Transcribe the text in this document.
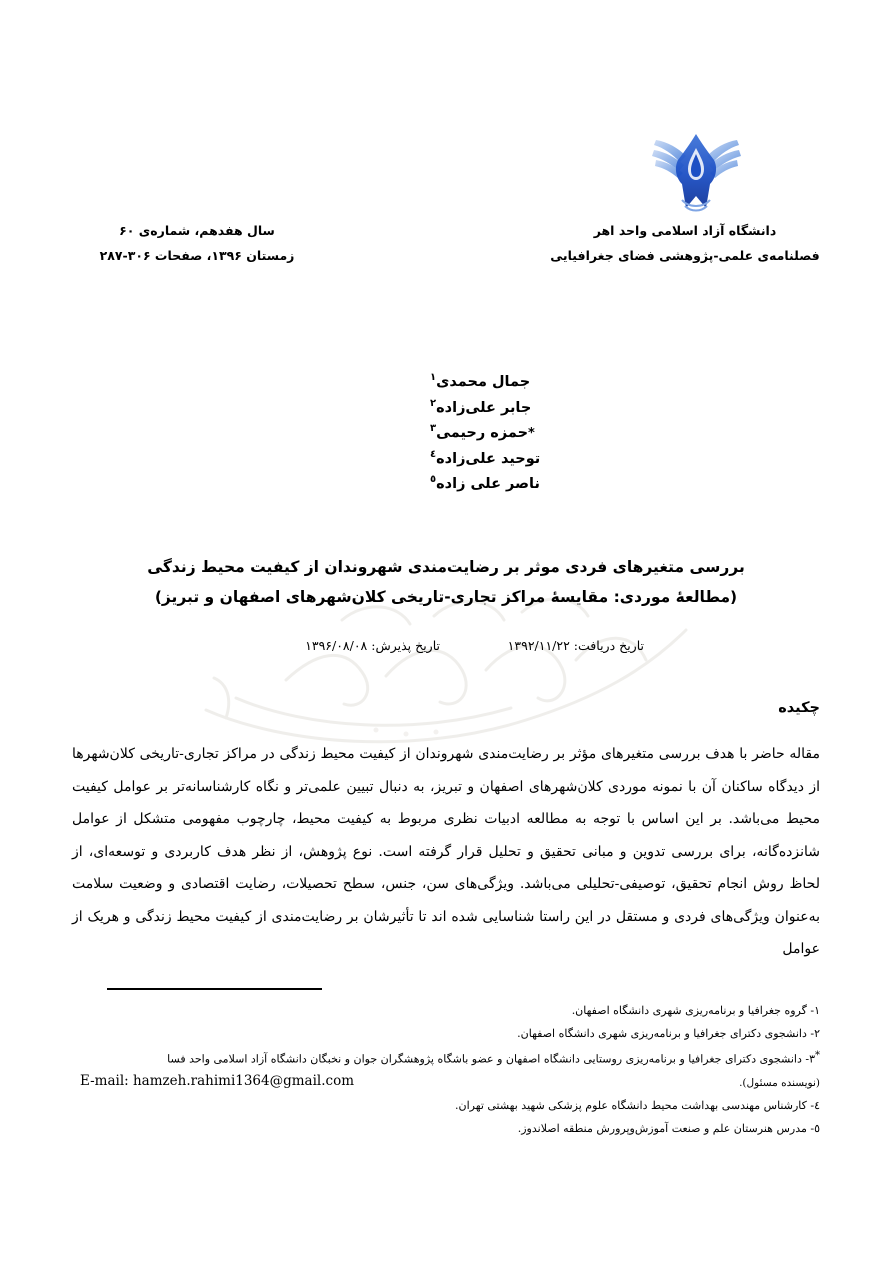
دانشگاه آزاد اسلامی واحد اهر
فصلنامه‌ی علمی-پژوهشی فضای جغرافیایی
سال هفدهم، شماره‌ی ۶۰
زمستان ۱۳۹۶، صفحات ۳۰۶-۲۸۷
جمال محمدی$^۱$
جابر علی‌زاده$^۲$
*حمزه رحیمی$^۳$
توحید علی‌زاده$^٤$
ناصر علی زاده$^٥$
بررسی متغیرهای فردی موثر بر رضایت‌مندی شهروندان از کیفیت محیط زندگی
(مطالعۀ موردی: مقایسۀ مراکز تجاری-تاریخی کلان‌شهرهای اصفهان و تبریز)
تاریخ دریافت: ۱۳۹۲/۱۱/۲۲
تاریخ پذیرش: ۱۳۹۶/۰۸/۰۸
چکیده
مقاله حاضر با هدف بررسی متغیرهای مؤثر بر رضایت‌مندی شهروندان از کیفیت محیط زندگی در مراکز تجاری-تاریخی کلان‌شهرها از دیدگاه ساکنان آن با نمونه موردی کلان‌شهرهای اصفهان و تبریز، به دنبال تبیین علمی‌تر و نگاه کارشناسانه‌تر بر عوامل کیفیت محیط می‌باشد. بر این اساس با توجه به مطالعه ادبیات نظری مربوط به کیفیت محیط، چارچوب مفهومی متشکل از عوامل شانزده‌گانه، برای بررسی تدوین و مبانی تحقیق و تحلیل قرار گرفته است. نوع پژوهش، از نظر هدف کاربردی و توسعه‌ای، از لحاظ روش انجام تحقیق، توصیفی-تحلیلی می‌باشد. ویژگی‌های سن، جنس، سطح تحصیلات، رضایت اقتصادی و وضعیت سلامت به‌عنوان ویژگی‌های فردی و مستقل در این راستا شناسایی شده اند تا تأثیرشان بر رضایت‌مندی از کیفیت محیط زندگی و هریک از عوامل
۱- گروه جغرافیا و برنامه‌ریزی شهری دانشگاه اصفهان.
۲- دانشجوی دکترای جغرافیا و برنامه‌ریزی شهری دانشگاه اصفهان.
*۳- دانشجوی دکترای جغرافیا و برنامه‌ریزی روستایی دانشگاه اصفهان و عضو باشگاه پژوهشگران جوان و نخبگان دانشگاه آزاد اسلامی واحد فسا
E-mail: hamzeh.rahimi1364@gmail.com	(نویسنده مسئول).
٤- کارشناس مهندسی بهداشت محیط دانشگاه علوم پزشکی شهید بهشتی تهران.
٥- مدرس هنرستان علم و صنعت آموزش‌وپرورش منطقه اصلاندوز.
